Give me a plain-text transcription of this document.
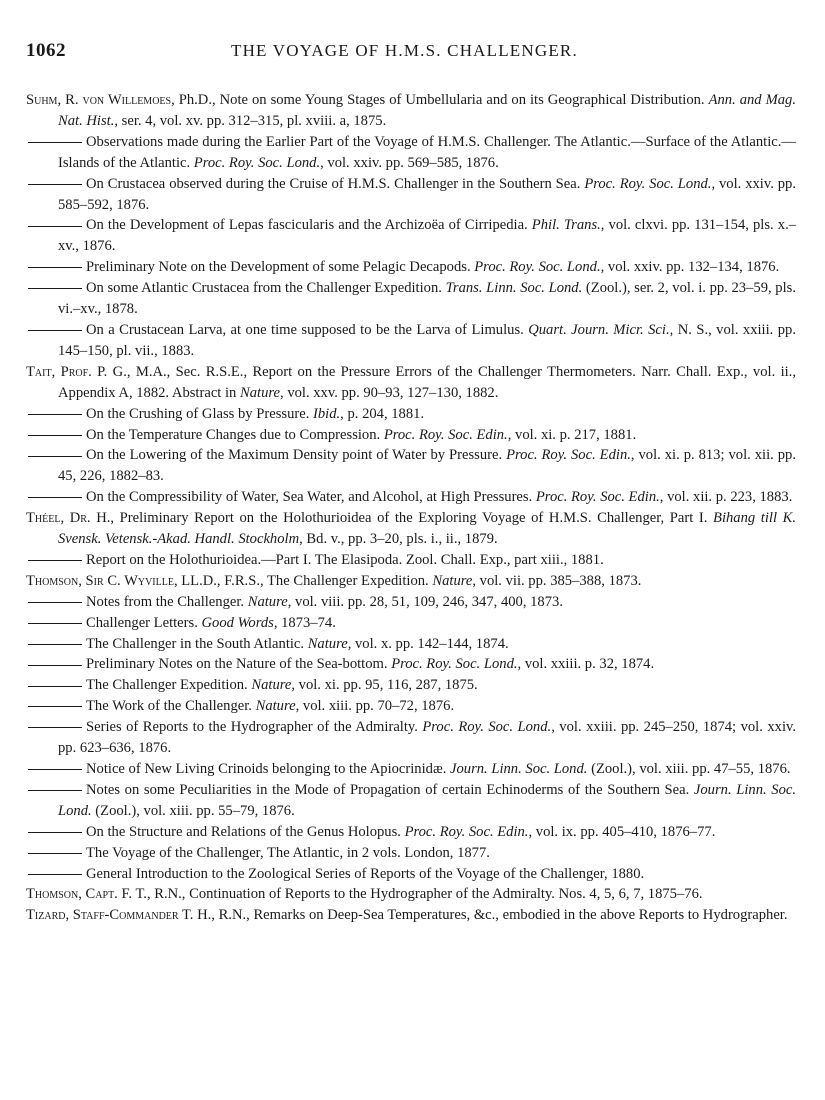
1062	THE VOYAGE OF H.M.S. CHALLENGER.

Suhm, R. von Willemoes, Ph.D., Note on some Young Stages of Umbellularia and on its Geographical Distribution. Ann. and Mag. Nat. Hist., ser. 4, vol. xv. pp. 312–315, pl. xviii. a, 1875.

Observations made during the Earlier Part of the Voyage of H.M.S. Challenger. The Atlantic.—Surface of the Atlantic.—Islands of the Atlantic. Proc. Roy. Soc. Lond., vol. xxiv. pp. 569–585, 1876.

On Crustacea observed during the Cruise of H.M.S. Challenger in the Southern Sea. Proc. Roy. Soc. Lond., vol. xxiv. pp. 585–592, 1876.

On the Development of Lepas fascicularis and the Archizoëa of Cirripedia. Phil. Trans., vol. clxvi. pp. 131–154, pls. x.–xv., 1876.

Preliminary Note on the Development of some Pelagic Decapods. Proc. Roy. Soc. Lond., vol. xxiv. pp. 132–134, 1876.

On some Atlantic Crustacea from the Challenger Expedition. Trans. Linn. Soc. Lond. (Zool.), ser. 2, vol. i. pp. 23–59, pls. vi.–xv., 1878.

On a Crustacean Larva, at one time supposed to be the Larva of Limulus. Quart. Journ. Micr. Sci., N. S., vol. xxiii. pp. 145–150, pl. vii., 1883.

Tait, Prof. P. G., M.A., Sec. R.S.E., Report on the Pressure Errors of the Challenger Thermometers. Narr. Chall. Exp., vol. ii., Appendix A, 1882. Abstract in Nature, vol. xxv. pp. 90–93, 127–130, 1882.

On the Crushing of Glass by Pressure. Ibid., p. 204, 1881.

On the Temperature Changes due to Compression. Proc. Roy. Soc. Edin., vol. xi. p. 217, 1881.

On the Lowering of the Maximum Density point of Water by Pressure. Proc. Roy. Soc. Edin., vol. xi. p. 813; vol. xii. pp. 45, 226, 1882–83.

On the Compressibility of Water, Sea Water, and Alcohol, at High Pressures. Proc. Roy. Soc. Edin., vol. xii. p. 223, 1883.

Théel, Dr. H., Preliminary Report on the Holothurioidea of the Exploring Voyage of H.M.S. Challenger, Part I. Bihang till K. Svensk. Vetensk.-Akad. Handl. Stockholm, Bd. v., pp. 3–20, pls. i., ii., 1879.

Report on the Holothurioidea.—Part I. The Elasipoda. Zool. Chall. Exp., part xiii., 1881.

Thomson, Sir C. Wyville, LL.D., F.R.S., The Challenger Expedition. Nature, vol. vii. pp. 385–388, 1873.

Notes from the Challenger. Nature, vol. viii. pp. 28, 51, 109, 246, 347, 400, 1873.

Challenger Letters. Good Words, 1873–74.

The Challenger in the South Atlantic. Nature, vol. x. pp. 142–144, 1874.

Preliminary Notes on the Nature of the Sea-bottom. Proc. Roy. Soc. Lond., vol. xxiii. p. 32, 1874.

The Challenger Expedition. Nature, vol. xi. pp. 95, 116, 287, 1875.

The Work of the Challenger. Nature, vol. xiii. pp. 70–72, 1876.

Series of Reports to the Hydrographer of the Admiralty. Proc. Roy. Soc. Lond., vol. xxiii. pp. 245–250, 1874; vol. xxiv. pp. 623–636, 1876.

Notice of New Living Crinoids belonging to the Apiocrinidæ. Journ. Linn. Soc. Lond. (Zool.), vol. xiii. pp. 47–55, 1876.

Notes on some Peculiarities in the Mode of Propagation of certain Echinoderms of the Southern Sea. Journ. Linn. Soc. Lond. (Zool.), vol. xiii. pp. 55–79, 1876.

On the Structure and Relations of the Genus Holopus. Proc. Roy. Soc. Edin., vol. ix. pp. 405–410, 1876–77.

The Voyage of the Challenger, The Atlantic, in 2 vols. London, 1877.

General Introduction to the Zoological Series of Reports of the Voyage of the Challenger, 1880.

Thomson, Capt. F. T., R.N., Continuation of Reports to the Hydrographer of the Admiralty. Nos. 4, 5, 6, 7, 1875–76.

Tizard, Staff-Commander T. H., R.N., Remarks on Deep-Sea Temperatures, &c., embodied in the above Reports to Hydrographer.
